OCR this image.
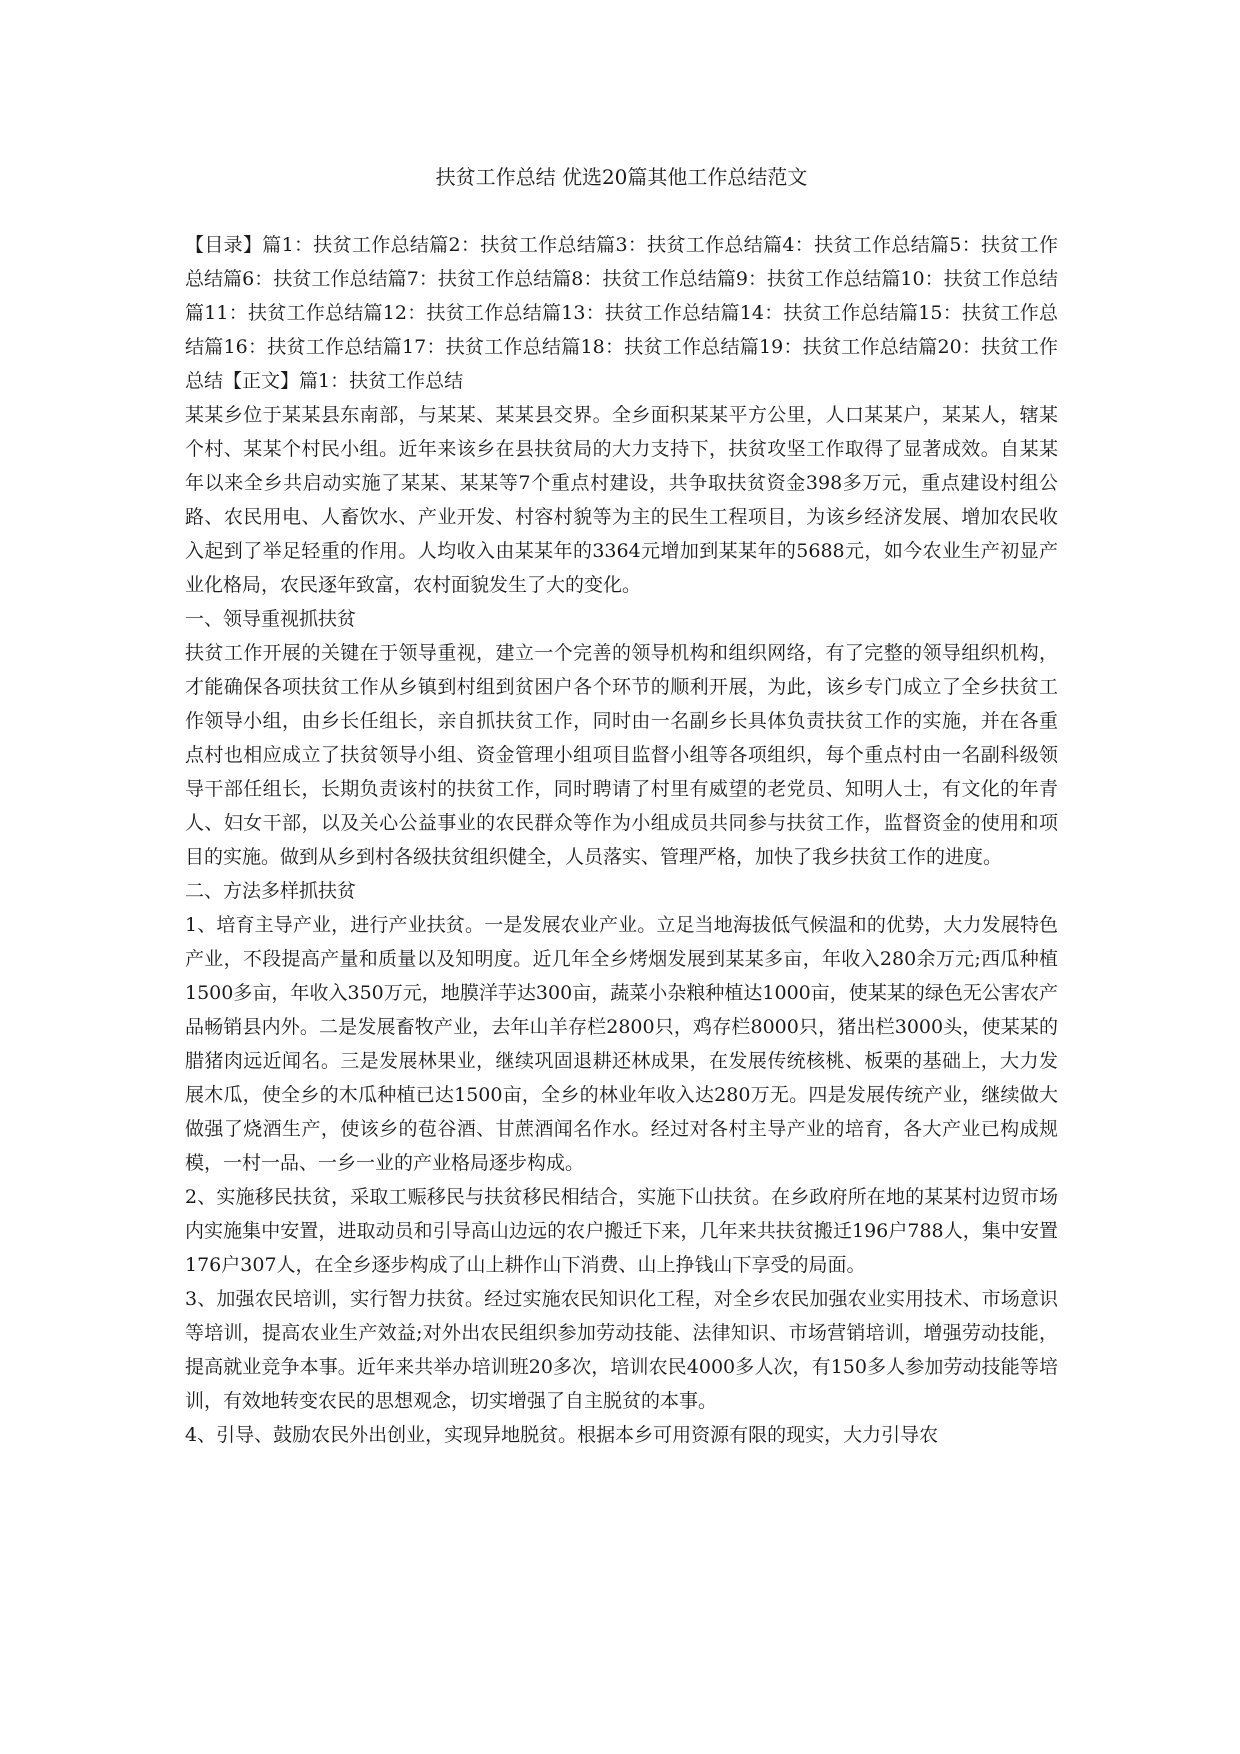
扶贫工作总结 优选20篇其他工作总结范文

【目录】篇1：扶贫工作总结篇2：扶贫工作总结篇3：扶贫工作总结篇4：扶贫工作总结篇5：扶贫工作总结篇6：扶贫工作总结篇7：扶贫工作总结篇8：扶贫工作总结篇9：扶贫工作总结篇10：扶贫工作总结篇11：扶贫工作总结篇12：扶贫工作总结篇13：扶贫工作总结篇14：扶贫工作总结篇15：扶贫工作总结篇16：扶贫工作总结篇17：扶贫工作总结篇18：扶贫工作总结篇19：扶贫工作总结篇20：扶贫工作总结【正文】篇1：扶贫工作总结

某某乡位于某某县东南部，与某某、某某县交界。全乡面积某某平方公里，人口某某户，某某人，辖某个村、某某个村民小组。近年来该乡在县扶贫局的大力支持下，扶贫攻坚工作取得了显著成效。自某某年以来全乡共启动实施了某某、某某等7个重点村建设，共争取扶贫资金398多万元，重点建设村组公路、农民用电、人畜饮水、产业开发、村容村貌等为主的民生工程项目，为该乡经济发展、增加农民收入起到了举足轻重的作用。人均收入由某某年的3364元增加到某某年的5688元，如今农业生产初显产业化格局，农民逐年致富，农村面貌发生了大的变化。

一、领导重视抓扶贫

扶贫工作开展的关键在于领导重视，建立一个完善的领导机构和组织网络，有了完整的领导组织机构，才能确保各项扶贫工作从乡镇到村组到贫困户各个环节的顺利开展，为此，该乡专门成立了全乡扶贫工作领导小组，由乡长任组长，亲自抓扶贫工作，同时由一名副乡长具体负责扶贫工作的实施，并在各重点村也相应成立了扶贫领导小组、资金管理小组项目监督小组等各项组织，每个重点村由一名副科级领导干部任组长，长期负责该村的扶贫工作，同时聘请了村里有威望的老党员、知明人士，有文化的年青人、妇女干部，以及关心公益事业的农民群众等作为小组成员共同参与扶贫工作，监督资金的使用和项目的实施。做到从乡到村各级扶贫组织健全，人员落实、管理严格，加快了我乡扶贫工作的进度。

二、方法多样抓扶贫

1、培育主导产业，进行产业扶贫。一是发展农业产业。立足当地海拔低气候温和的优势，大力发展特色产业，不段提高产量和质量以及知明度。近几年全乡烤烟发展到某某多亩，年收入280余万元;西瓜种植1500多亩，年收入350万元，地膜洋芋达300亩，蔬菜小杂粮种植达1000亩，使某某的绿色无公害农产品畅销县内外。二是发展畜牧产业，去年山羊存栏2800只，鸡存栏8000只，猪出栏3000头，使某某的腊猪肉远近闻名。三是发展林果业，继续巩固退耕还林成果，在发展传统核桃、板栗的基础上，大力发展木瓜，使全乡的木瓜种植已达1500亩，全乡的林业年收入达280万无。四是发展传统产业，继续做大做强了烧酒生产，使该乡的苞谷酒、甘蔗酒闻名作水。经过对各村主导产业的培育，各大产业已构成规模，一村一品、一乡一业的产业格局逐步构成。

2、实施移民扶贫，采取工赈移民与扶贫移民相结合，实施下山扶贫。在乡政府所在地的某某村边贸市场内实施集中安置，进取动员和引导高山边远的农户搬迁下来，几年来共扶贫搬迁196户788人，集中安置176户307人，在全乡逐步构成了山上耕作山下消费、山上挣钱山下享受的局面。

3、加强农民培训，实行智力扶贫。经过实施农民知识化工程，对全乡农民加强农业实用技术、市场意识等培训，提高农业生产效益;对外出农民组织参加劳动技能、法律知识、市场营销培训，增强劳动技能，提高就业竞争本事。近年来共举办培训班20多次，培训农民4000多人次，有150多人参加劳动技能等培训，有效地转变农民的思想观念，切实增强了自主脱贫的本事。

4、引导、鼓励农民外出创业，实现异地脱贫。根据本乡可用资源有限的现实，大力引导农
